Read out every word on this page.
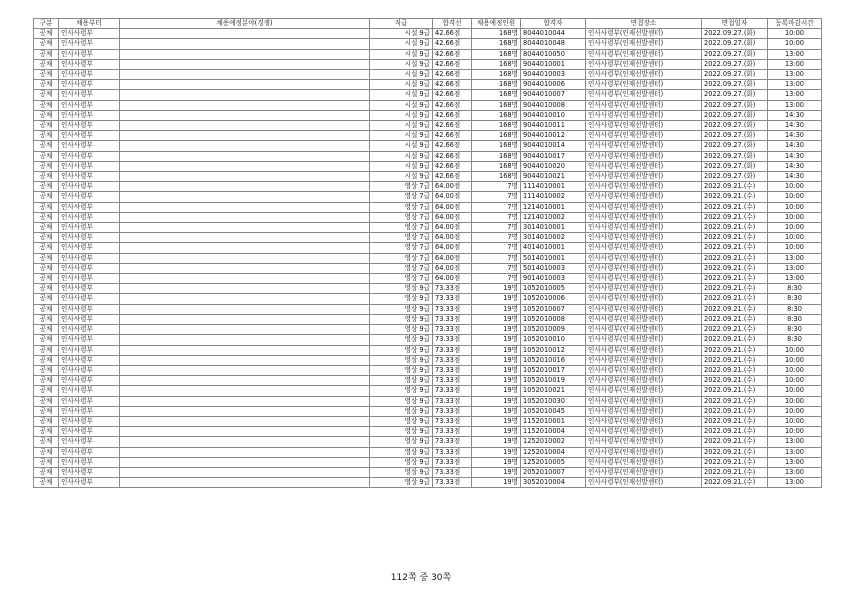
구분	채용부터	채용예정분야(경쟁)	직급	합격선	채용예정인원	합격자	면접장소	면접일자	등록마감시간
공채	인사사령부		시설 9급	42.66점	168명	8044010044	인사사령부(인재선발센터)	2022.09.27.(화)	10:00
공채	인사사령부		시설 9급	42.66점	168명	8044010048	인사사령부(인재선발센터)	2022.09.27.(화)	10:00
공채	인사사령부		시설 9급	42.66점	168명	8044010050	인사사령부(인재선발센터)	2022.09.27.(화)	13:00
공채	인사사령부		시설 9급	42.66점	168명	9044010001	인사사령부(인재선발센터)	2022.09.27.(화)	13:00
공채	인사사령부		시설 9급	42.66점	168명	9044010003	인사사령부(인재선발센터)	2022.09.27.(화)	13:00
공채	인사사령부		시설 9급	42.66점	168명	9044010006	인사사령부(인재선발센터)	2022.09.27.(화)	13:00
공채	인사사령부		시설 9급	42.66점	168명	9044010007	인사사령부(인재선발센터)	2022.09.27.(화)	13:00
공채	인사사령부		시설 9급	42.66점	168명	9044010008	인사사령부(인재선발센터)	2022.09.27.(화)	13:00
공채	인사사령부		시설 9급	42.66점	168명	9044010010	인사사령부(인재선발센터)	2022.09.27.(화)	14:30
공채	인사사령부		시설 9급	42.66점	168명	9044010011	인사사령부(인재선발센터)	2022.09.27.(화)	14:30
공채	인사사령부		시설 9급	42.66점	168명	9044010012	인사사령부(인재선발센터)	2022.09.27.(화)	14:30
공채	인사사령부		시설 9급	42.66점	168명	9044010014	인사사령부(인재선발센터)	2022.09.27.(화)	14:30
공채	인사사령부		시설 9급	42.66점	168명	9044010017	인사사령부(인재선발센터)	2022.09.27.(화)	14:30
공채	인사사령부		시설 9급	42.66점	168명	9044010020	인사사령부(인재선발센터)	2022.09.27.(화)	14:30
공채	인사사령부		시설 9급	42.66점	168명	9044010021	인사사령부(인재선발센터)	2022.09.27.(화)	14:30
공채	인사사령부		영상 7급	64.00점	7명	1114010001	인사사령부(인재선발센터)	2022.09.21.(수)	10:00
공채	인사사령부		영상 7급	64.00점	7명	1114010002	인사사령부(인재선발센터)	2022.09.21.(수)	10:00
공채	인사사령부		영상 7급	64.00점	7명	1214010001	인사사령부(인재선발센터)	2022.09.21.(수)	10:00
공채	인사사령부		영상 7급	64.00점	7명	1214010002	인사사령부(인재선발센터)	2022.09.21.(수)	10:00
공채	인사사령부		영상 7급	64.00점	7명	3014010001	인사사령부(인재선발센터)	2022.09.21.(수)	10:00
공채	인사사령부		영상 7급	64.00점	7명	3014010002	인사사령부(인재선발센터)	2022.09.21.(수)	10:00
공채	인사사령부		영상 7급	64.00점	7명	4014010001	인사사령부(인재선발센터)	2022.09.21.(수)	10:00
공채	인사사령부		영상 7급	64.00점	7명	5014010001	인사사령부(인재선발센터)	2022.09.21.(수)	13:00
공채	인사사령부		영상 7급	64.00점	7명	5014010003	인사사령부(인재선발센터)	2022.09.21.(수)	13:00
공채	인사사령부		영상 7급	64.00점	7명	9014010003	인사사령부(인재선발센터)	2022.09.21.(수)	13:00
공채	인사사령부		영상 9급	73.33점	19명	1052010005	인사사령부(인재선발센터)	2022.09.21.(수)	8:30
공채	인사사령부		영상 9급	73.33점	19명	1052010006	인사사령부(인재선발센터)	2022.09.21.(수)	8:30
공채	인사사령부		영상 9급	73.33점	19명	1052010007	인사사령부(인재선발센터)	2022.09.21.(수)	8:30
공채	인사사령부		영상 9급	73.33점	19명	1052010008	인사사령부(인재선발센터)	2022.09.21.(수)	8:30
공채	인사사령부		영상 9급	73.33점	19명	1052010009	인사사령부(인재선발센터)	2022.09.21.(수)	8:30
공채	인사사령부		영상 9급	73.33점	19명	1052010010	인사사령부(인재선발센터)	2022.09.21.(수)	8:30
공채	인사사령부		영상 9급	73.33점	19명	1052010012	인사사령부(인재선발센터)	2022.09.21.(수)	10:00
공채	인사사령부		영상 9급	73.33점	19명	1052010016	인사사령부(인재선발센터)	2022.09.21.(수)	10:00
공채	인사사령부		영상 9급	73.33점	19명	1052010017	인사사령부(인재선발센터)	2022.09.21.(수)	10:00
공채	인사사령부		영상 9급	73.33점	19명	1052010019	인사사령부(인재선발센터)	2022.09.21.(수)	10:00
공채	인사사령부		영상 9급	73.33점	19명	1052010021	인사사령부(인재선발센터)	2022.09.21.(수)	10:00
공채	인사사령부		영상 9급	73.33점	19명	1052010030	인사사령부(인재선발센터)	2022.09.21.(수)	10:00
공채	인사사령부		영상 9급	73.33점	19명	1052010045	인사사령부(인재선발센터)	2022.09.21.(수)	10:00
공채	인사사령부		영상 9급	73.33점	19명	1152010001	인사사령부(인재선발센터)	2022.09.21.(수)	10:00
공채	인사사령부		영상 9급	73.33점	19명	1152010004	인사사령부(인재선발센터)	2022.09.21.(수)	10:00
공채	인사사령부		영상 9급	73.33점	19명	1252010002	인사사령부(인재선발센터)	2022.09.21.(수)	13:00
공채	인사사령부		영상 9급	73.33점	19명	1252010004	인사사령부(인재선발센터)	2022.09.21.(수)	13:00
공채	인사사령부		영상 9급	73.33점	19명	1252010005	인사사령부(인재선발센터)	2022.09.21.(수)	13:00
공채	인사사령부		영상 9급	73.33점	19명	2052010007	인사사령부(인재선발센터)	2022.09.21.(수)	13:00
공채	인사사령부		영상 9급	73.33점	19명	3052010004	인사사령부(인재선발센터)	2022.09.21.(수)	13:00
112쪽 중 30쪽
